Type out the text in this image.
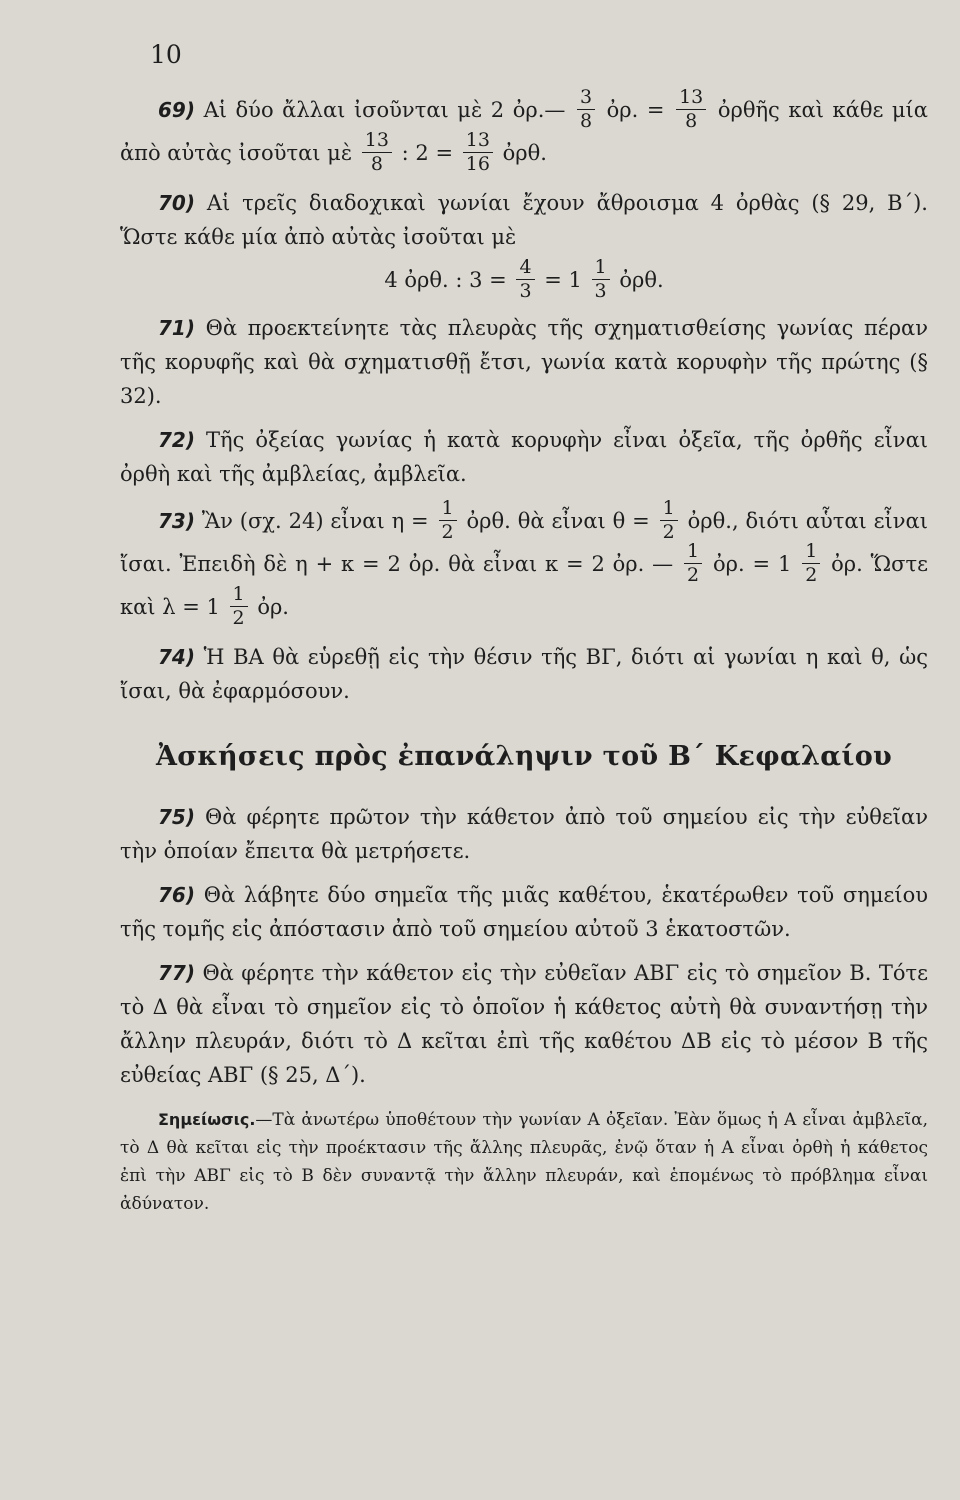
10

69) Αἱ δύο ἄλλαι ἰσοῦνται μὲ 2 ὀρ.— $\frac{3}{8}$ ὀρ. = $\frac{13}{8}$ ὀρθῆς καὶ κάθε μία ἀπὸ αὐτὰς ἰσοῦται μὲ $\frac{13}{8}$ : $2 = \frac{13}{16}$ ὀρθ.

70) Αἱ τρεῖς διαδοχικαὶ γωνίαι ἔχουν ἄθροισμα 4 ὀρθὰς (§ 29, Β΄). Ὥστε κάθε μία ἀπὸ αὐτὰς ἰσοῦται μὲ

4 ὀρθ. : $3 = \frac{4}{3} = 1 \frac{1}{3}$ ὀρθ.

71) Θὰ προεκτείνητε τὰς πλευρὰς τῆς σχηματισθείσης γωνίας πέραν τῆς κορυφῆς καὶ θὰ σχηματισθῇ ἔτσι, γωνία κατὰ κορυφὴν τῆς πρώτης (§ 32).

72) Τῆς ὀξείας γωνίας ἡ κατὰ κορυφὴν εἶναι ὀξεῖα, τῆς ὀρθῆς εἶναι ὀρθὴ καὶ τῆς ἀμβλείας, ἀμβλεῖα.

73) Ἂν (σχ. 24) εἶναι $\eta = \frac{1}{2}$ ὀρθ. θὰ εἶναι $\theta = \frac{1}{2}$ ὀρθ., διότι αὗται εἶναι ἴσαι. Ἐπειδὴ δὲ η + κ = 2 ὀρ. θὰ εἶναι κ = 2 ὀρ. — $\frac{1}{2}$ ὀρ. = $1 \frac{1}{2}$ ὀρ. Ὥστε καὶ $\lambda = 1 \frac{1}{2}$ ὀρ.

74) Ἡ ΒΑ θὰ εὑρεθῇ εἰς τὴν θέσιν τῆς ΒΓ, διότι αἱ γωνίαι η καὶ θ, ὡς ἴσαι, θὰ ἐφαρμόσουν.

Ἀσκήσεις πρὸς ἐπανάληψιν τοῦ Β΄ Κεφαλαίου

75) Θὰ φέρητε πρῶτον τὴν κάθετον ἀπὸ τοῦ σημείου εἰς τὴν εὐθεῖαν τὴν ὁποίαν ἔπειτα θὰ μετρήσετε.

76) Θὰ λάβητε δύο σημεῖα τῆς μιᾶς καθέτου, ἑκατέρωθεν τοῦ σημείου τῆς τομῆς εἰς ἀπόστασιν ἀπὸ τοῦ σημείου αὐτοῦ 3 ἑκατοστῶν.

77) Θὰ φέρητε τὴν κάθετον εἰς τὴν εὐθεῖαν ΑΒΓ εἰς τὸ σημεῖον Β. Τότε τὸ Δ θὰ εἶναι τὸ σημεῖον εἰς τὸ ὁποῖον ἡ κάθετος αὐτὴ θὰ συναντήσῃ τὴν ἄλλην πλευράν, διότι τὸ Δ κεῖται ἐπὶ τῆς καθέτου ΔΒ εἰς τὸ μέσον Β τῆς εὐθείας ΑΒΓ (§ 25, Δ΄).

Σημείωσις.—Τὰ ἀνωτέρω ὑποθέτουν τὴν γωνίαν Α ὀξεῖαν. Ἐὰν ὅμως ἡ Α εἶναι ἀμβλεῖα, τὸ Δ θὰ κεῖται εἰς τὴν προέκτασιν τῆς ἄλλης πλευρᾶς, ἐνῷ ὅταν ἡ Α εἶναι ὀρθὴ ἡ κάθετος ἐπὶ τὴν ΑΒΓ εἰς τὸ Β δὲν συναντᾷ τὴν ἄλλην πλευράν, καὶ ἑπομένως τὸ πρόβλημα εἶναι ἀδύνατον.
